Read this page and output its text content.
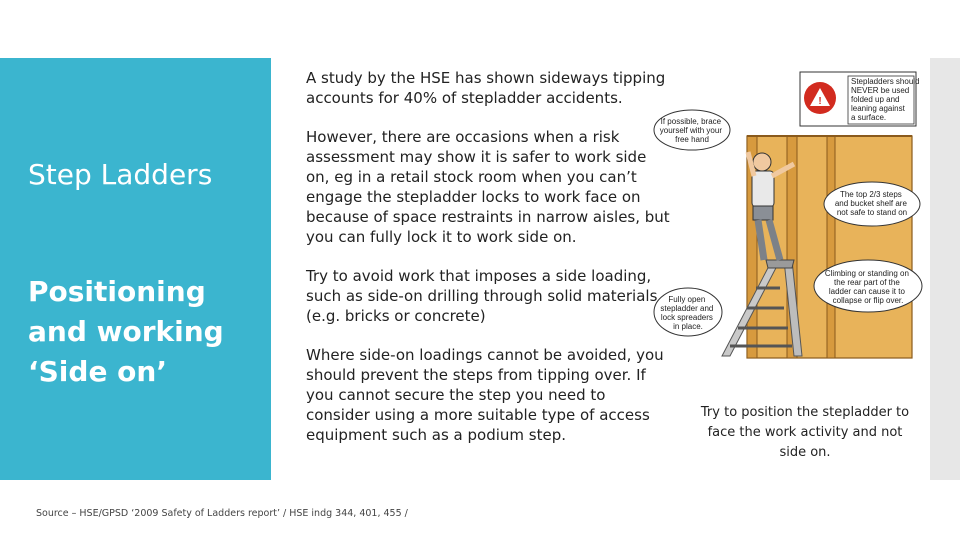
Step Ladders
Positioning and working ‘Side on’

A study by the HSE has shown sideways tipping accounts for 40% of stepladder accidents.

However, there are occasions when a risk assessment may show it is safer to work side on, eg in a retail stock room when you can’t engage the stepladder locks to work face on because of space restraints in narrow aisles, but you can fully lock it to work side on.

Try to avoid work that imposes a side loading, such as side-on drilling through solid materials (e.g. bricks or concrete)

Where side-on loadings cannot be avoided, you should prevent the steps from tipping over. If you cannot secure the step you need to consider using a more suitable type of access equipment such as a podium step.

!
Stepladders should NEVER be used folded up and leaning against a surface.
If possible, brace yourself with your free hand
The top 2/3 steps and bucket shelf are not safe to stand on
Climbing or standing on the rear part of the ladder can cause it to collapse or flip over.
Fully open stepladder and lock spreaders in place.
Try to position the stepladder to face the work activity and not side on.
Source – HSE/GPSD ‘2009 Safety of Ladders report’ / HSE indg 344, 401, 455 /
